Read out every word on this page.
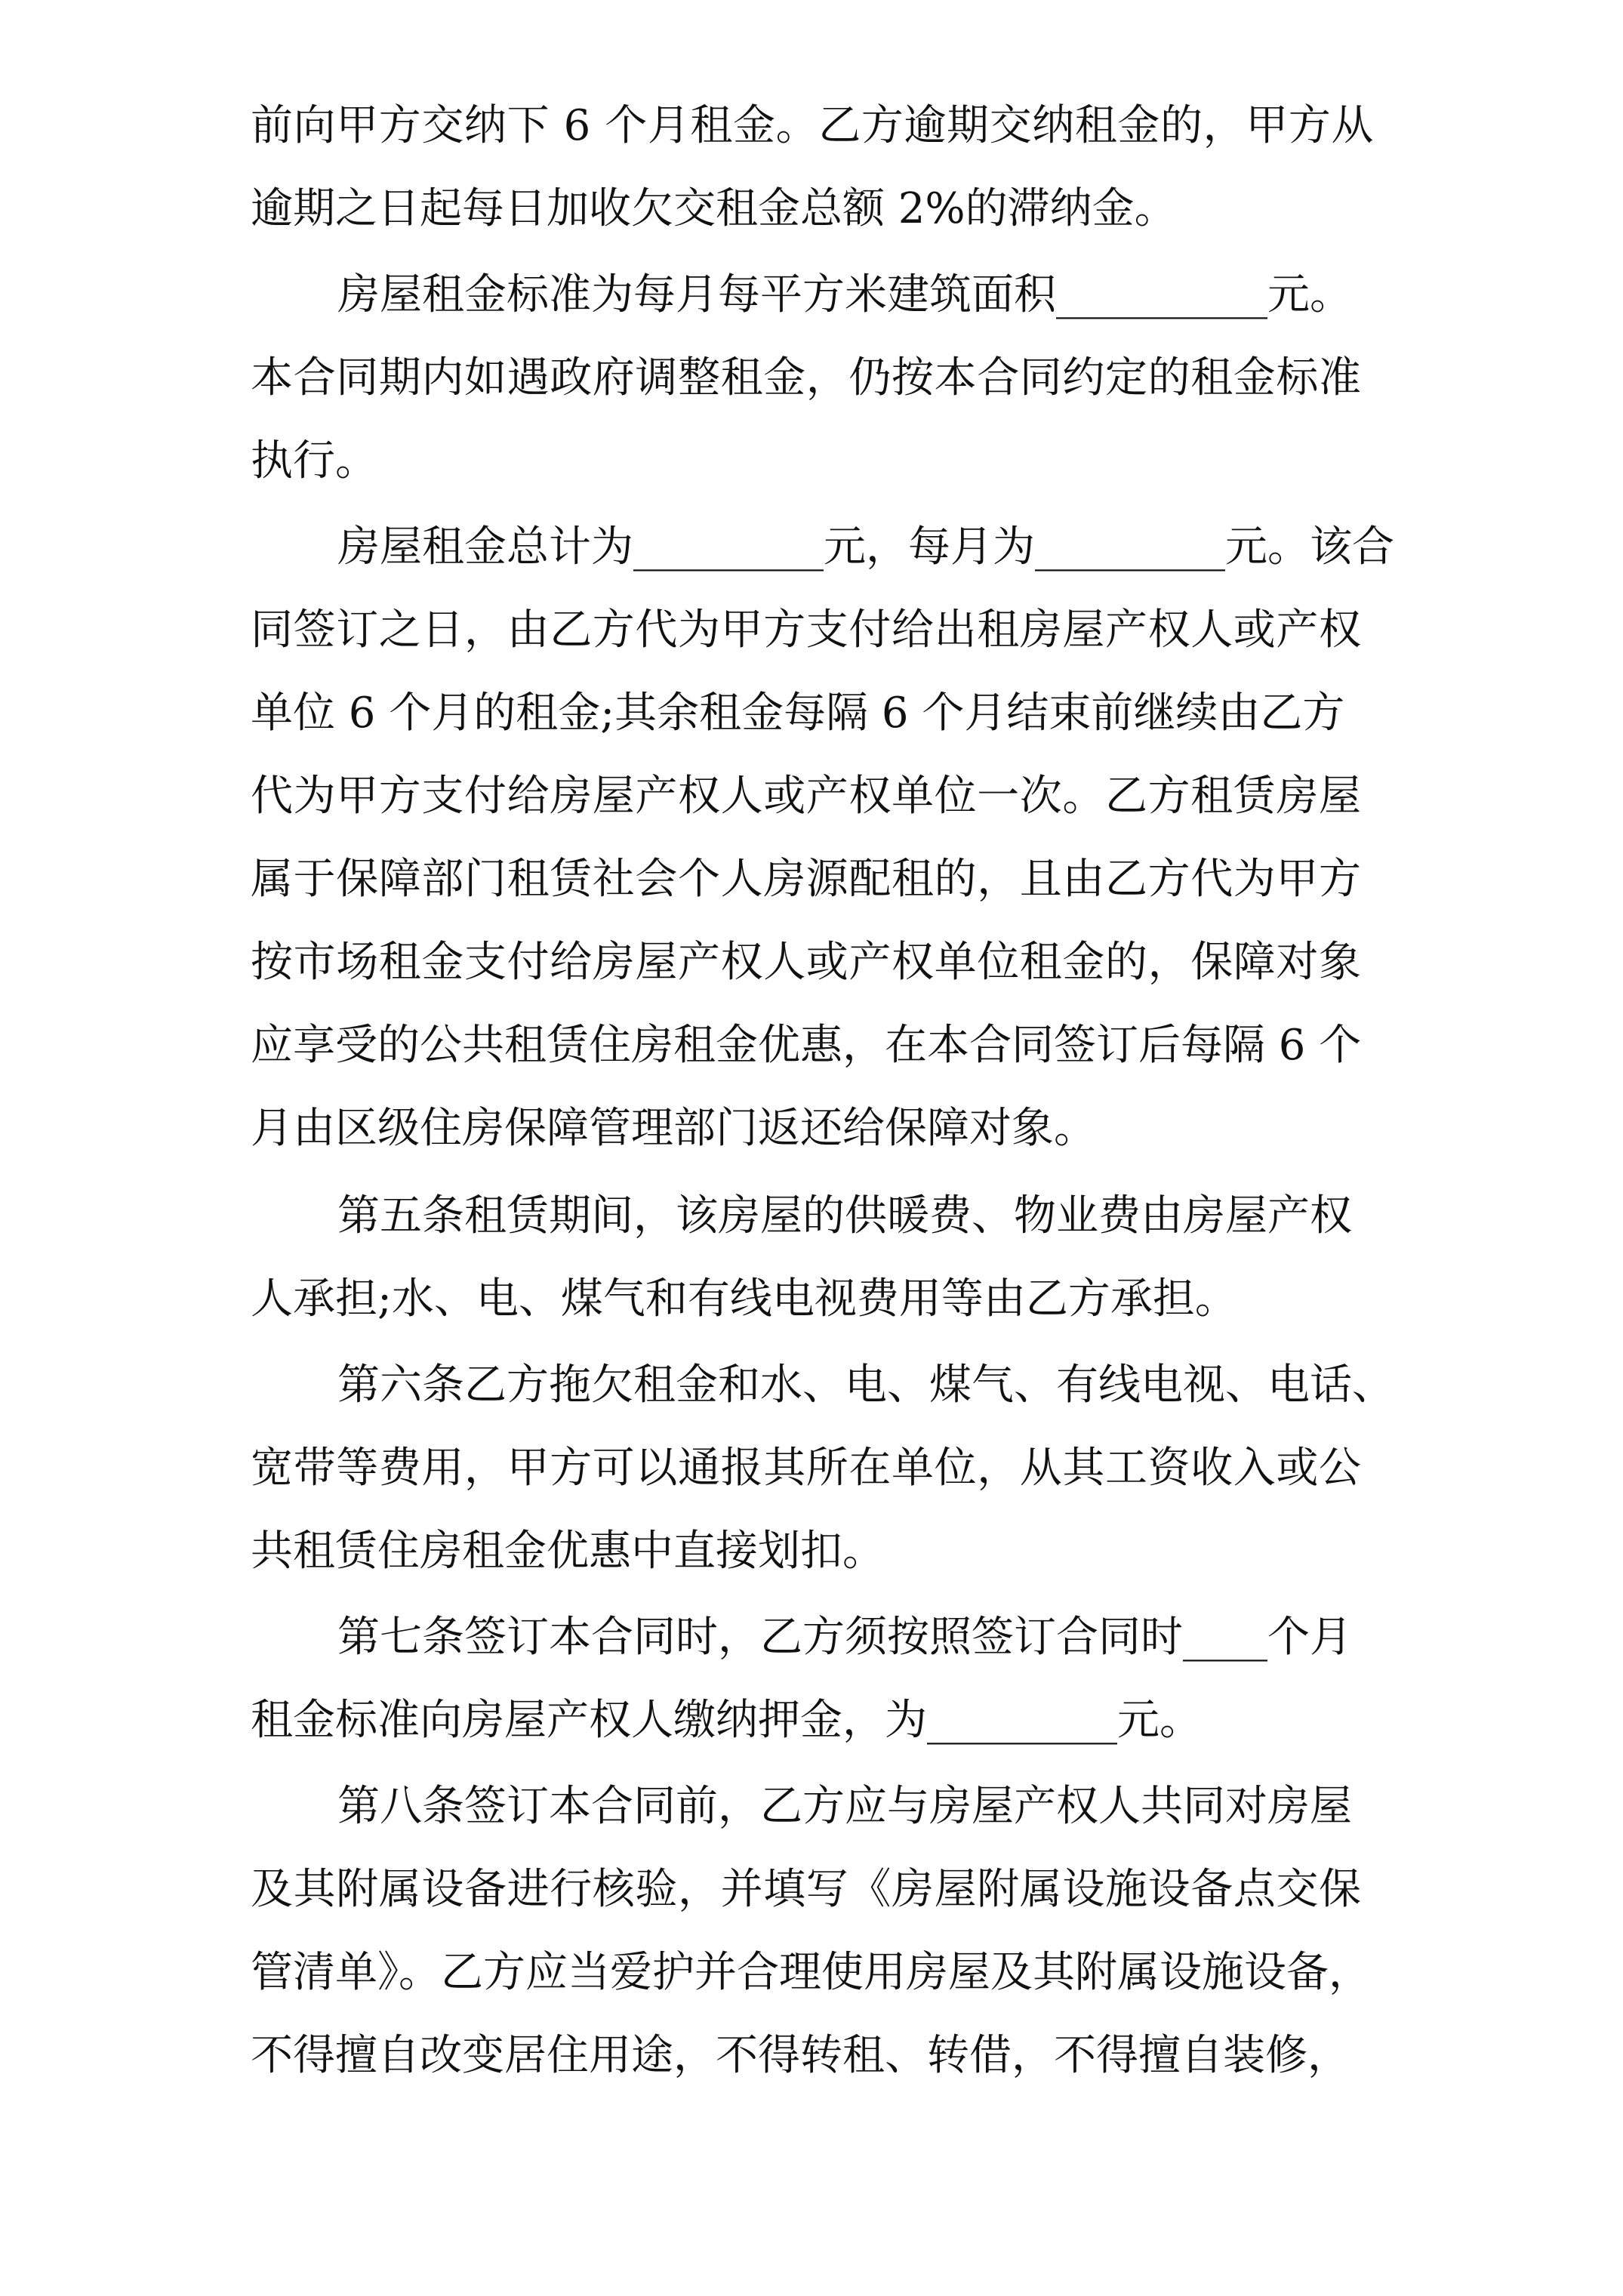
前向甲方交纳下 6 个月租金。乙方逾期交纳租金的，甲方从

逾期之日起每日加收欠交租金总额 2%的滞纳金。

房屋租金标准为每月每平方米建筑面积__________元。

本合同期内如遇政府调整租金，仍按本合同约定的租金标准

执行。

房屋租金总计为_________元，每月为_________元。该合

同签订之日，由乙方代为甲方支付给出租房屋产权人或产权

单位 6 个月的租金;其余租金每隔 6 个月结束前继续由乙方

代为甲方支付给房屋产权人或产权单位一次。乙方租赁房屋

属于保障部门租赁社会个人房源配租的，且由乙方代为甲方

按市场租金支付给房屋产权人或产权单位租金的，保障对象

应享受的公共租赁住房租金优惠，在本合同签订后每隔 6 个

月由区级住房保障管理部门返还给保障对象。

第五条租赁期间，该房屋的供暖费、物业费由房屋产权

人承担;水、电、煤气和有线电视费用等由乙方承担。

第六条乙方拖欠租金和水、电、煤气、有线电视、电话、

宽带等费用，甲方可以通报其所在单位，从其工资收入或公

共租赁住房租金优惠中直接划扣。

第七条签订本合同时，乙方须按照签订合同时____个月

租金标准向房屋产权人缴纳押金，为_________元。

第八条签订本合同前，乙方应与房屋产权人共同对房屋

及其附属设备进行核验，并填写《房屋附属设施设备点交保

管清单》。乙方应当爱护并合理使用房屋及其附属设施设备，

不得擅自改变居住用途，不得转租、转借，不得擅自装修，
